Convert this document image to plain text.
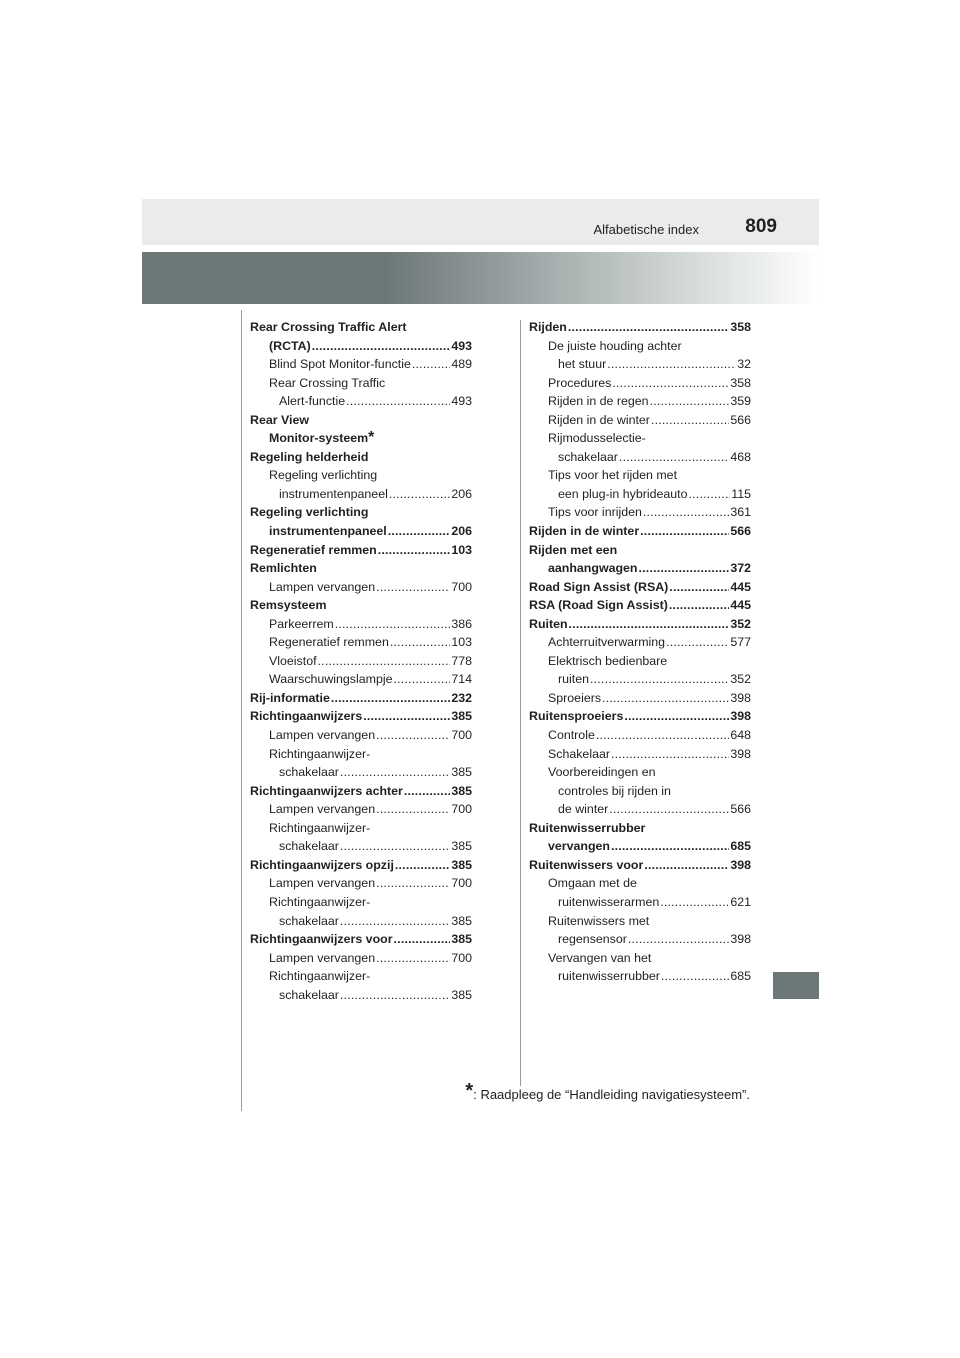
Alfabetische index 809
Rear Crossing Traffic Alert
(RCTA) .....	493
Blind Spot Monitor-functie .....	489
Rear Crossing Traffic
Alert-functie .....	493
Rear View
Monitor-systeem *
Regeling helderheid
Regeling verlichting
instrumentenpaneel .....	206
Regeling verlichting
instrumentenpaneel .....	206
Regeneratief remmen .....	103
Remlichten
Lampen vervangen .....	700
Remsysteem
Parkeerrem .....	386
Regeneratief remmen .....	103
Vloeistof .....	778
Waarschuwingslampje .....	714
Rij-informatie .....	232
Richtingaanwijzers .....	385
Lampen vervangen .....	700
Richtingaanwijzer-
schakelaar .....	385
Richtingaanwijzers achter .....	385
Lampen vervangen .....	700
Richtingaanwijzer-
schakelaar .....	385
Richtingaanwijzers opzij .....	385
Lampen vervangen .....	700
Richtingaanwijzer-
schakelaar .....	385
Richtingaanwijzers voor .....	385
Lampen vervangen .....	700
Richtingaanwijzer-
schakelaar .....	385
Rijden .....	358
De juiste houding achter
het stuur .....	32
Procedures .....	358
Rijden in de regen .....	359
Rijden in de winter .....	566
Rijmodusselectie-
schakelaar .....	468
Tips voor het rijden met
een plug-in hybrideauto .....	115
Tips voor inrijden .....	361
Rijden in de winter .....	566
Rijden met een
aanhangwagen .....	372
Road Sign Assist (RSA) .....	445
RSA (Road Sign Assist) .....	445
Ruiten .....	352
Achterruitverwarming .....	577
Elektrisch bedienbare
ruiten .....	352
Sproeiers .....	398
Ruitensproeiers .....	398
Controle .....	648
Schakelaar .....	398
Voorbereidingen en
controles bij rijden in
de winter .....	566
Ruitenwisserrubber
vervangen .....	685
Ruitenwissers voor .....	398
Omgaan met de
ruitenwisserarmen .....	621
Ruitenwissers met
regensensor .....	398
Vervangen van het
ruitenwisserrubber .....	685
*: Raadpleeg de “Handleiding navigatiesysteem”.
